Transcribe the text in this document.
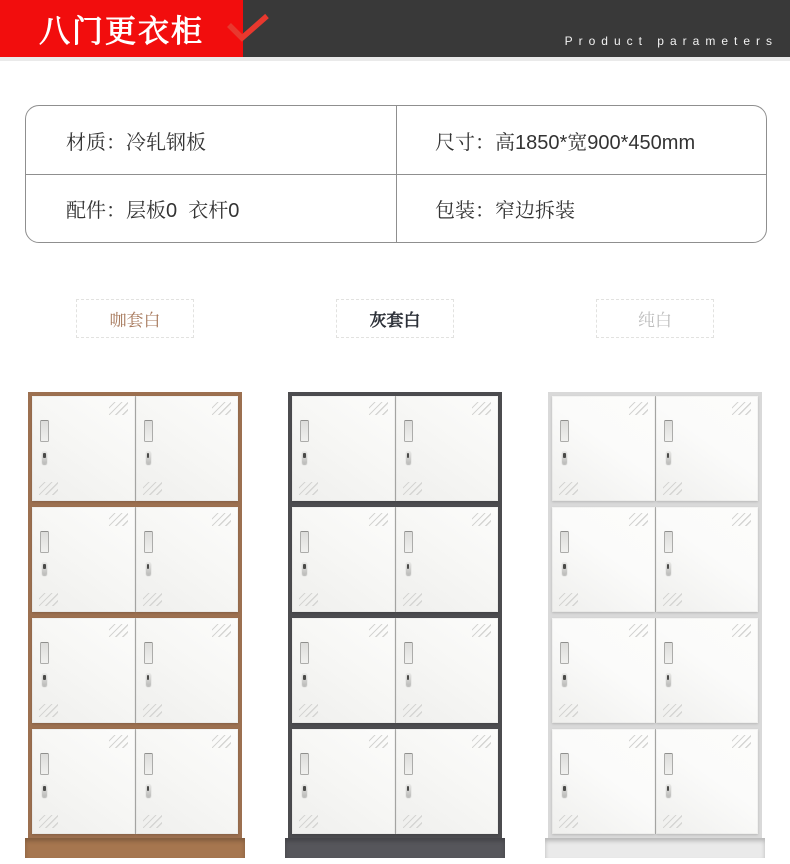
八门更衣柜	Product parameters
材质：冷轧钢板	尺寸：高1850*宽900*450mm
配件：层板0  衣杆0	包装：窄边拆装
咖套白	灰套白	纯白
